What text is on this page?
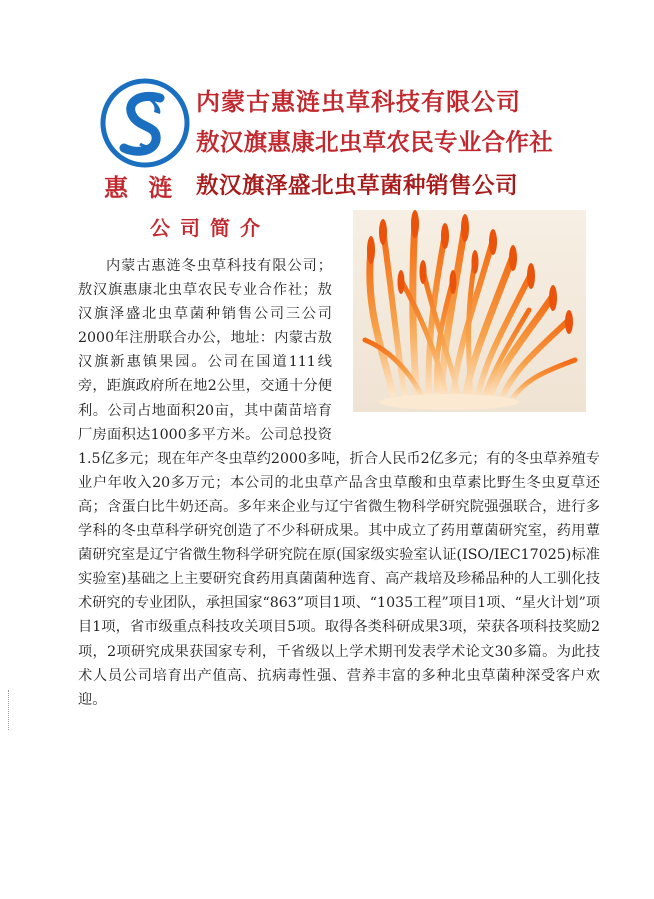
惠 涟
内蒙古惠涟虫草科技有限公司
敖汉旗惠康北虫草农民专业合作社
敖汉旗泽盛北虫草菌种销售公司
公司简介

内蒙古惠涟冬虫草科技有限公司；敖汉旗惠康北虫草农民专业合作社；敖汉旗泽盛北虫草菌种销售公司三公司2000年注册联合办公，地址：内蒙古敖汉旗新惠镇果园。公司在国道111线旁，距旗政府所在地2公里，交通十分便利。公司占地面积20亩，其中菌苗培育厂房面积达1000多平方米。公司总投资1.5亿多元；现在年产冬虫草约2000多吨，折合人民币2亿多元；有的冬虫草养殖专业户年收入20多万元；本公司的北虫草产品含虫草酸和虫草素比野生冬虫夏草还高；含蛋白比牛奶还高。多年来企业与辽宁省微生物科学研究院强强联合，进行多学科的冬虫草科学研究创造了不少科研成果。其中成立了药用蕈菌研究室，药用蕈菌研究室是辽宁省微生物科学研究院在原(国家级实验室认证(ISO/IEC17025)标准实验室)基础之上主要研究食药用真菌菌种选育、高产栽培及珍稀品种的人工驯化技术研究的专业团队，承担国家“863”项目1项、“1035工程”项目1项、“星火计划”项目1项，省市级重点科技攻关项目5项。取得各类科研成果3项，荣获各项科技奖励2项，2项研究成果获国家专利，千省级以上学术期刊发表学术论文30多篇。为此技术人员公司培育出产值高、抗病毒性强、营养丰富的多种北虫草菌种深受客户欢迎。
